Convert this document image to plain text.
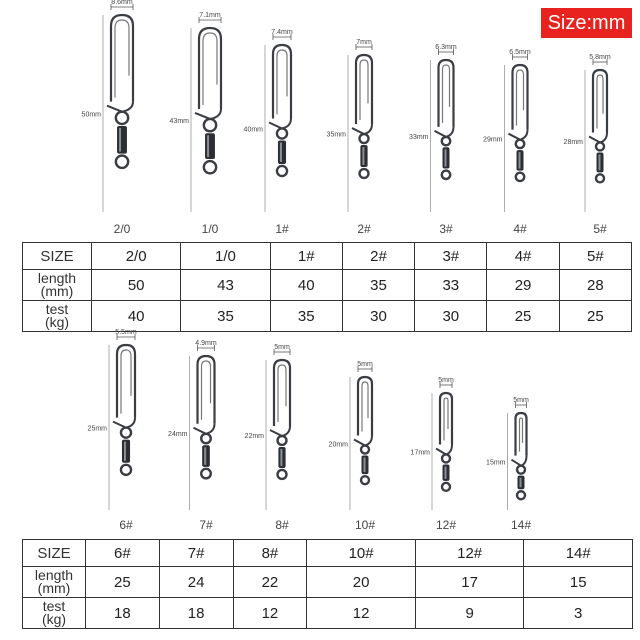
Size:mm
8.6mm
50mm
2/0
7.1mm
43mm
1/0
7.4mm
40mm
1#
7mm
35mm
2#
6.3mm
33mm
3#
6.5mm
29mm
4#
5.8mm
28mm
5#
5.5mm
25mm
6#
4.9mm
24mm
7#
5mm
22mm
8#
5mm
20mm
10#
5mm
17mm
12#
5mm
15mm
14#
SIZE	2/0	1/0	1#	2#	3#	4#	5#
length
(mm)	50	43	40	35	33	29	28
test
(kg)	40	35	35	30	30	25	25
SIZE	6#	7#	8#	10#	12#	14#
length
(mm)	25	24	22	20	17	15
test
(kg)	18	18	12	12	9	3
